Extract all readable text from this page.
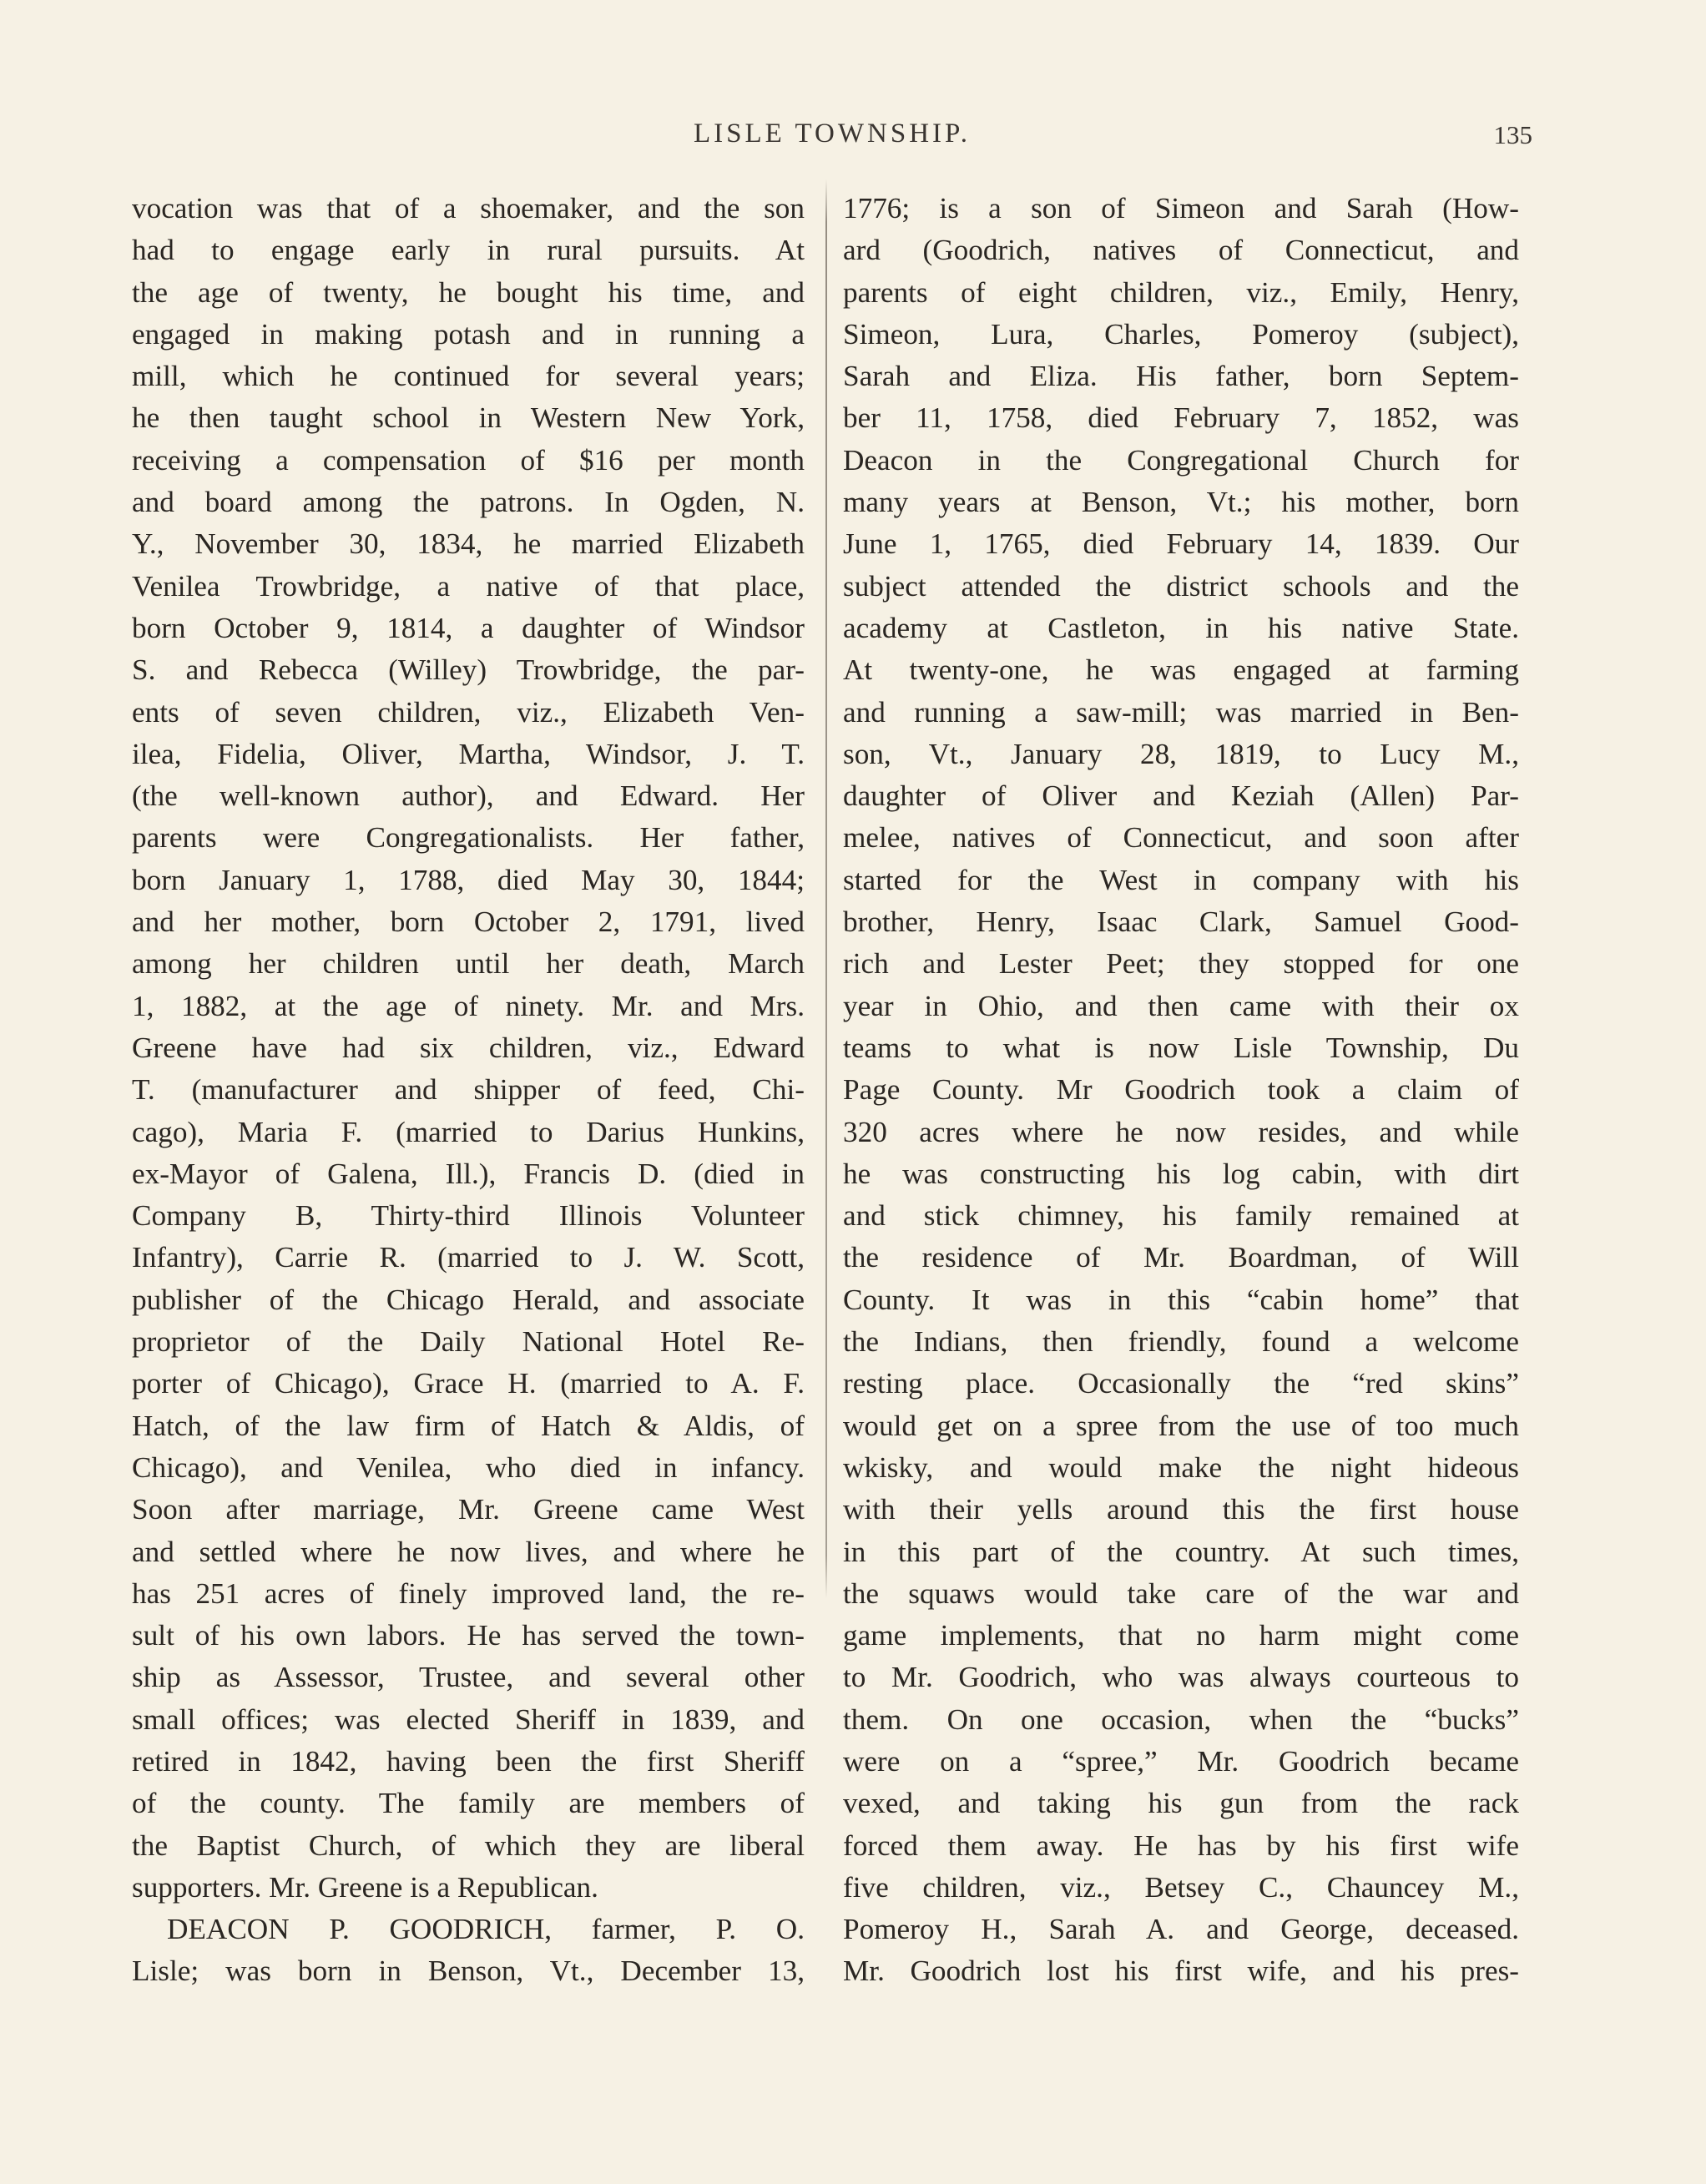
LISLE TOWNSHIP.	135
vocation was that of a shoemaker, and the son
had to engage early in rural pursuits. At
the age of twenty, he bought his time, and
engaged in making potash and in running a
mill, which he continued for several years;
he then taught school in Western New York,
receiving a compensation of $16 per month
and board among the patrons. In Ogden, N.
Y., November 30, 1834, he married Elizabeth
Venilea Trowbridge, a native of that place,
born October 9, 1814, a daughter of Windsor
S. and Rebecca (Willey) Trowbridge, the par-
ents of seven children, viz., Elizabeth Ven-
ilea, Fidelia, Oliver, Martha, Windsor, J. T.
(the well-known author), and Edward. Her
parents were Congregationalists. Her father,
born January 1, 1788, died May 30, 1844;
and her mother, born October 2, 1791, lived
among her children until her death, March
1, 1882, at the age of ninety. Mr. and Mrs.
Greene have had six children, viz., Edward
T. (manufacturer and shipper of feed, Chi-
cago), Maria F. (married to Darius Hunkins,
ex-Mayor of Galena, Ill.), Francis D. (died in
Company B, Thirty-third Illinois Volunteer
Infantry), Carrie R. (married to J. W. Scott,
publisher of the Chicago Herald, and associate
proprietor of the Daily National Hotel Re-
porter of Chicago), Grace H. (married to A. F.
Hatch, of the law firm of Hatch & Aldis, of
Chicago), and Venilea, who died in infancy.
Soon after marriage, Mr. Greene came West
and settled where he now lives, and where he
has 251 acres of finely improved land, the re-
sult of his own labors. He has served the town-
ship as Assessor, Trustee, and several other
small offices; was elected Sheriff in 1839, and
retired in 1842, having been the first Sheriff
of the county. The family are members of
the Baptist Church, of which they are liberal
supporters. Mr. Greene is a Republican.
DEACON P. GOODRICH, farmer, P. O.
Lisle; was born in Benson, Vt., December 13,
1776; is a son of Simeon and Sarah (How-
ard (Goodrich, natives of Connecticut, and
parents of eight children, viz., Emily, Henry,
Simeon, Lura, Charles, Pomeroy (subject),
Sarah and Eliza. His father, born Septem-
ber 11, 1758, died February 7, 1852, was
Deacon in the Congregational Church for
many years at Benson, Vt.; his mother, born
June 1, 1765, died February 14, 1839. Our
subject attended the district schools and the
academy at Castleton, in his native State.
At twenty-one, he was engaged at farming
and running a saw-mill; was married in Ben-
son, Vt., January 28, 1819, to Lucy M.,
daughter of Oliver and Keziah (Allen) Par-
melee, natives of Connecticut, and soon after
started for the West in company with his
brother, Henry, Isaac Clark, Samuel Good-
rich and Lester Peet; they stopped for one
year in Ohio, and then came with their ox
teams to what is now Lisle Township, Du
Page County. Mr Goodrich took a claim of
320 acres where he now resides, and while
he was constructing his log cabin, with dirt
and stick chimney, his family remained at
the residence of Mr. Boardman, of Will
County. It was in this “cabin home” that
the Indians, then friendly, found a welcome
resting place. Occasionally the “red skins”
would get on a spree from the use of too much
wkisky, and would make the night hideous
with their yells around this the first house
in this part of the country. At such times,
the squaws would take care of the war and
game implements, that no harm might come
to Mr. Goodrich, who was always courteous to
them. On one occasion, when the “bucks”
were on a “spree,” Mr. Goodrich became
vexed, and taking his gun from the rack
forced them away. He has by his first wife
five children, viz., Betsey C., Chauncey M.,
Pomeroy H., Sarah A. and George, deceased.
Mr. Goodrich lost his first wife, and his pres-
